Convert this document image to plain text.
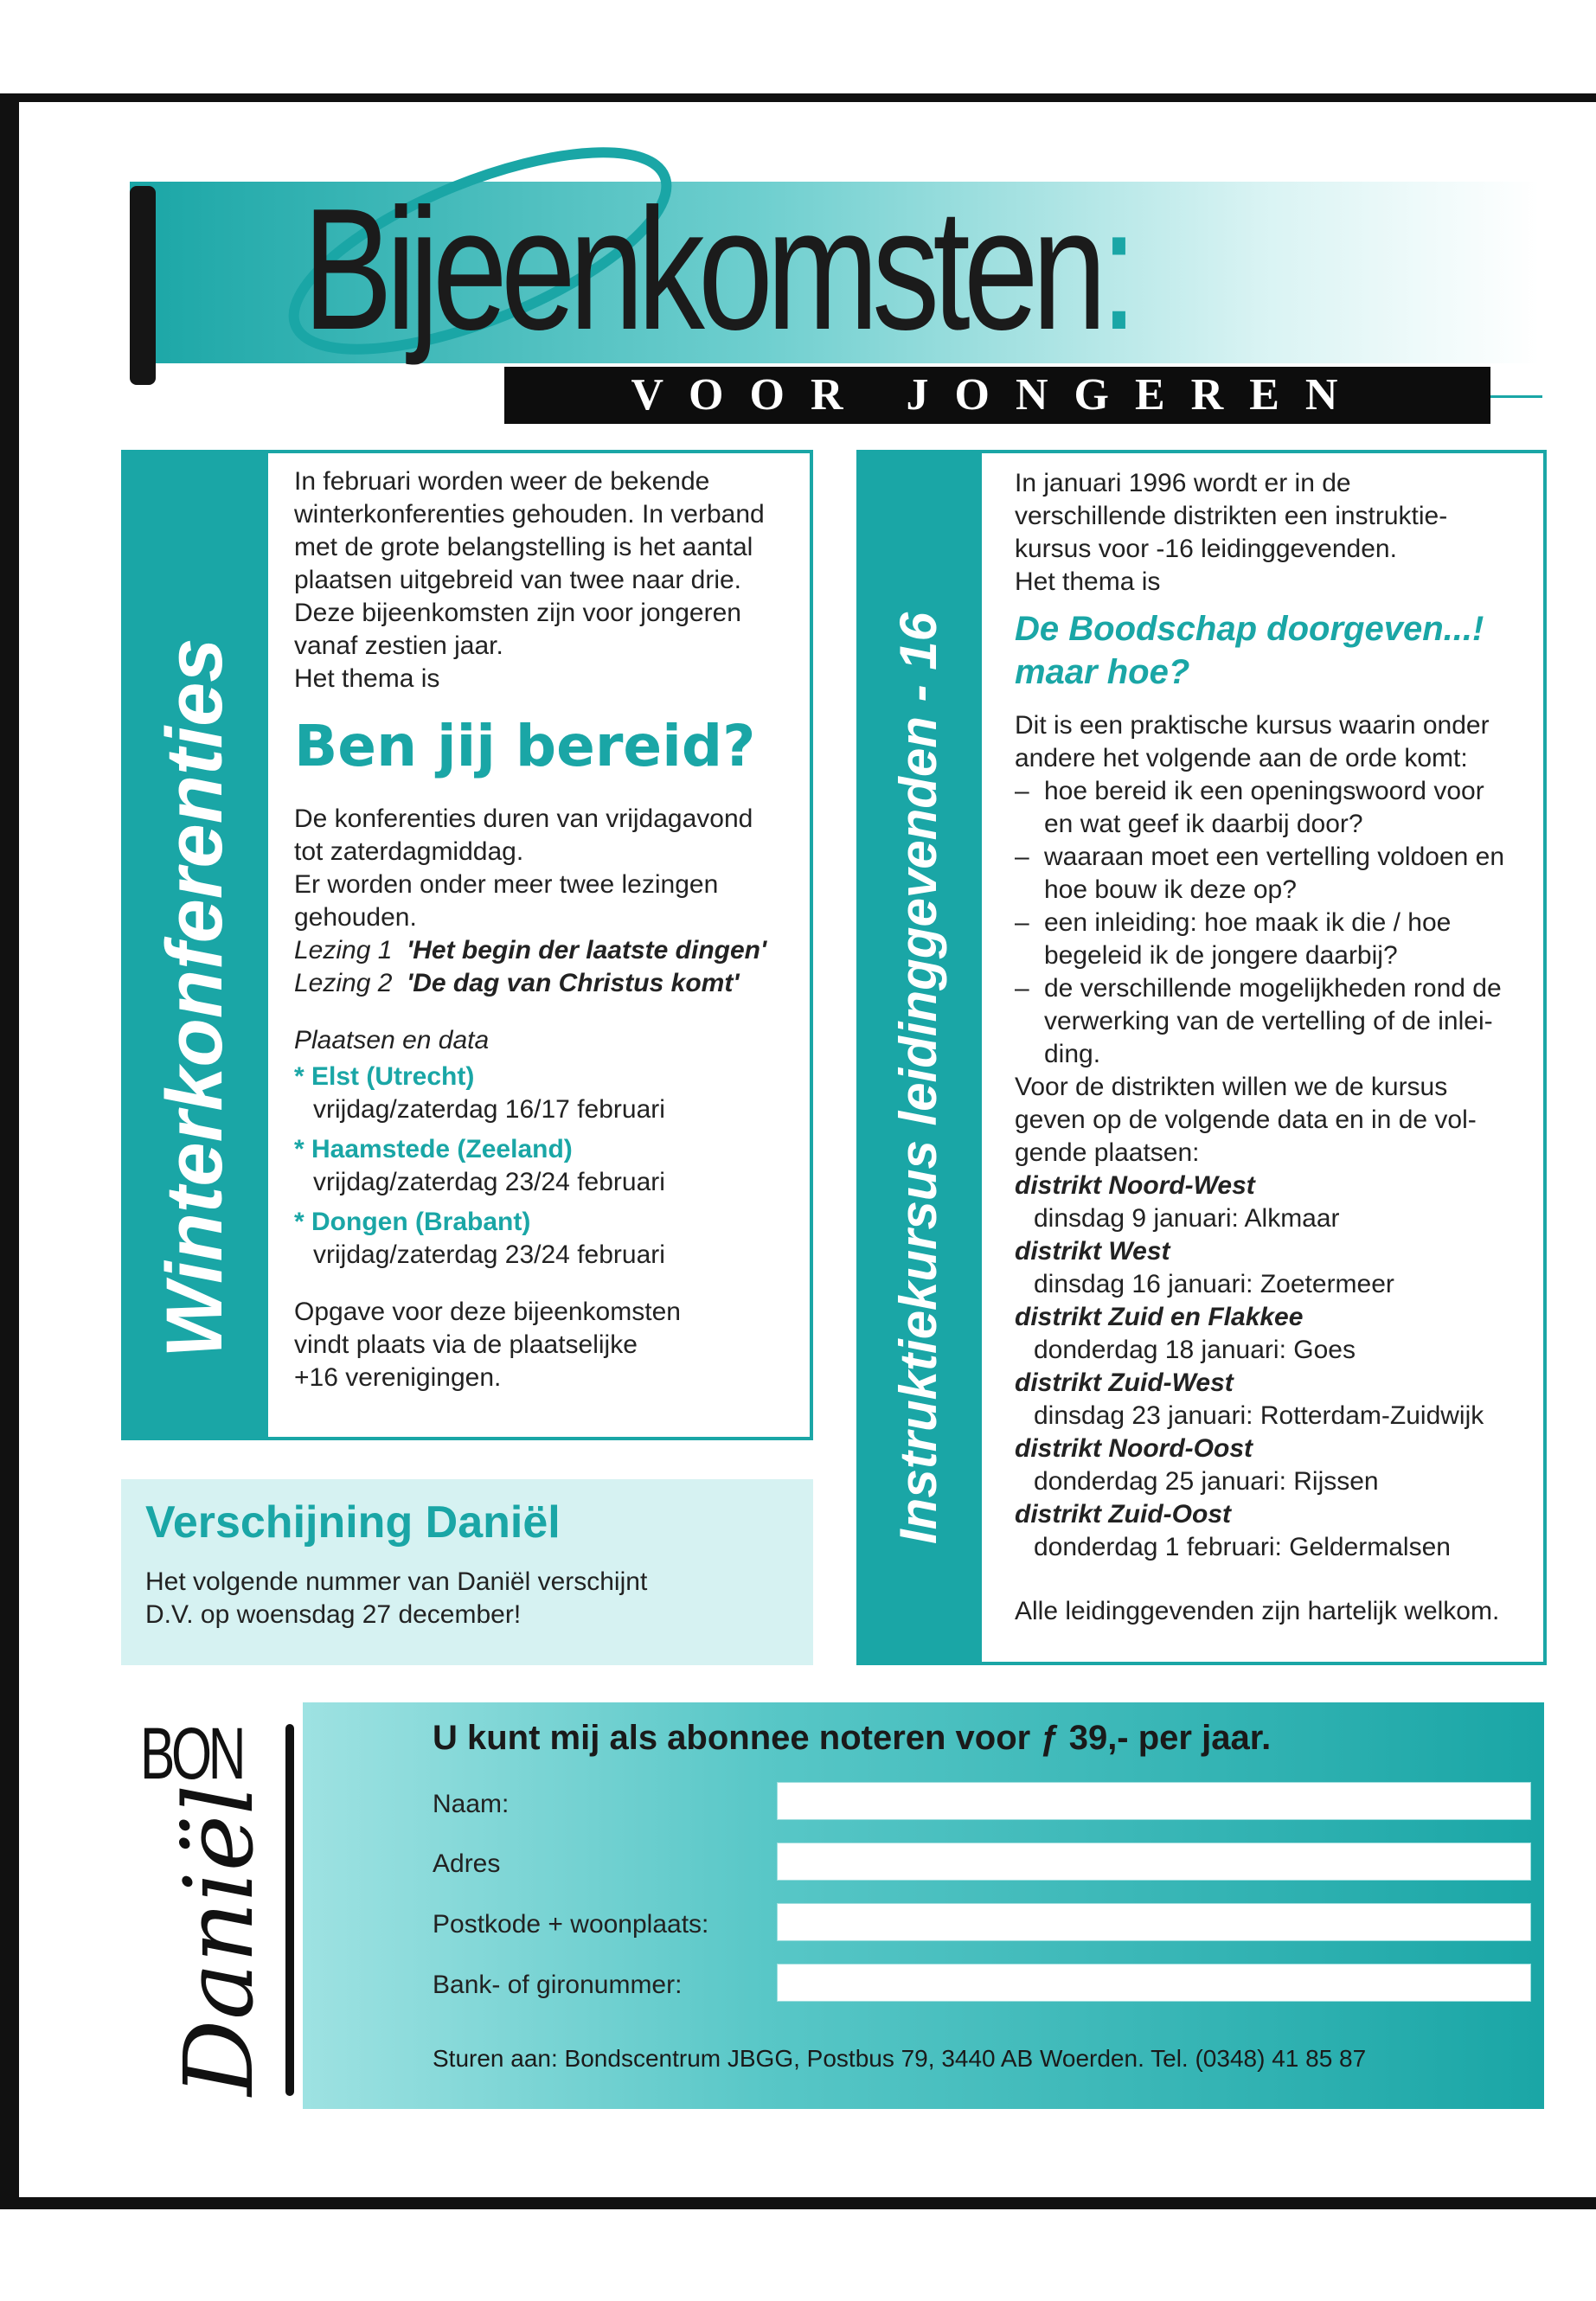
Bijeenkomsten:
VOOR JONGEREN
Winterkonferenties

In februari worden weer de bekende

winterkonferenties gehouden. In verband

met de grote belangstelling is het aantal

plaatsen uitgebreid van twee naar drie.

Deze bijeenkomsten zijn voor jongeren

vanaf zestien jaar.

Het thema is

Ben jij bereid?

De konferenties duren van vrijdagavond

tot zaterdagmiddag.

Er worden onder meer twee lezingen

gehouden.

Lezing 1 'Het begin der laatste dingen'

Lezing 2 'De dag van Christus komt'

Plaatsen en data

* Elst (Utrecht)

vrijdag/zaterdag 16/17 februari

* Haamstede (Zeeland)

vrijdag/zaterdag 23/24 februari

* Dongen (Brabant)

vrijdag/zaterdag 23/24 februari

Opgave voor deze bijeenkomsten

vindt plaats via de plaatselijke

+16 verenigingen.

Verschijning Daniël

Het volgende nummer van Daniël verschijnt

D.V. op woensdag 27 december!

Instruktiekursus leidinggevenden - 16

In januari 1996 wordt er in de

verschillende distrikten een instruktie-

kursus voor -16 leidinggevenden.

Het thema is

De Boodschap doorgeven...!
maar hoe?

Dit is een praktische kursus waarin onder

andere het volgende aan de orde komt:

– hoe bereid ik een openingswoord voor

en wat geef ik daarbij door?

– waaraan moet een vertelling voldoen en

hoe bouw ik deze op?

– een inleiding: hoe maak ik die / hoe

begeleid ik de jongere daarbij?

– de verschillende mogelijkheden rond de

verwerking van de vertelling of de inlei-

ding.

Voor de distrikten willen we de kursus

geven op de volgende data en in de vol-

gende plaatsen:

distrikt Noord-West

dinsdag 9 januari: Alkmaar

distrikt West

dinsdag 16 januari: Zoetermeer

distrikt Zuid en Flakkee

donderdag 18 januari: Goes

distrikt Zuid-West

dinsdag 23 januari: Rotterdam-Zuidwijk

distrikt Noord-Oost

donderdag 25 januari: Rijssen

distrikt Zuid-Oost

donderdag 1 februari: Geldermalsen

Alle leidinggevenden zijn hartelijk welkom.

BON
Daniël
U kunt mij als abonnee noteren voor ƒ 39,- per jaar.
Naam:
Adres
Postkode + woonplaats:
Bank- of gironummer:
Sturen aan: Bondscentrum JBGG, Postbus 79, 3440 AB Woerden. Tel. (0348) 41 85 87
